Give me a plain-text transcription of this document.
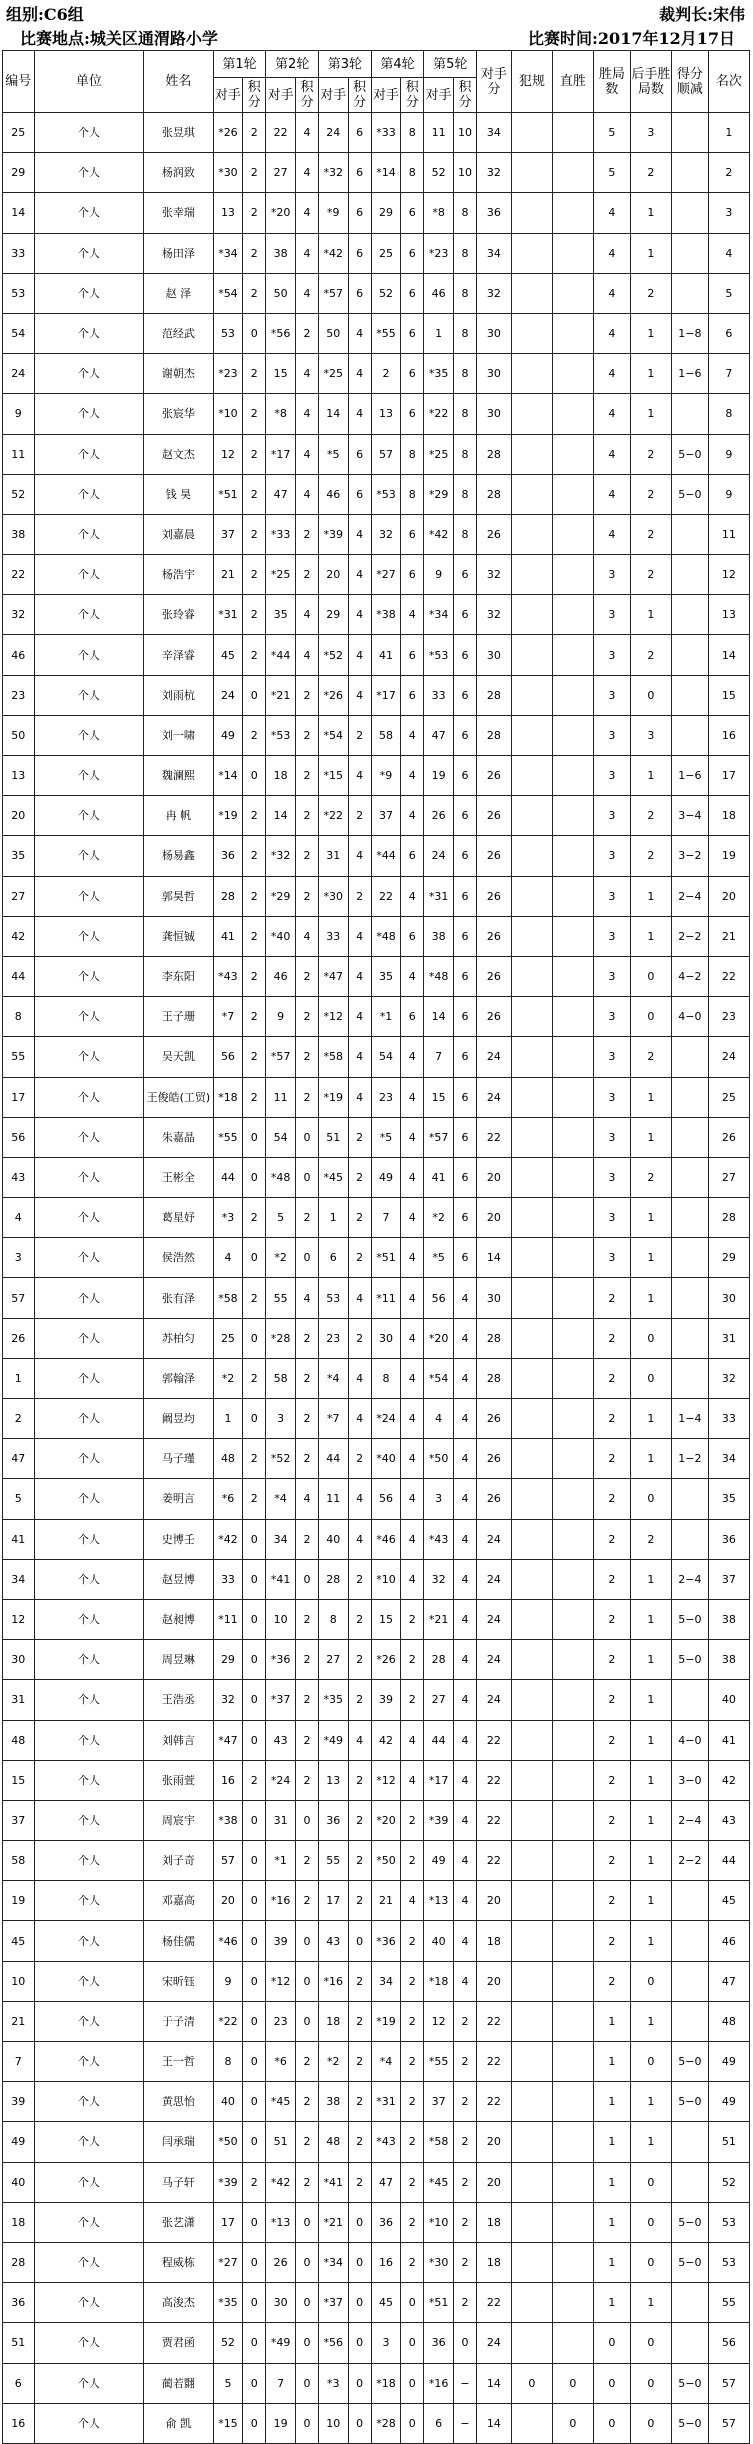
组别:C6组	裁判长:宋伟
比赛地点:城关区通渭路小学	比赛时间:2017年12月17日
编号	单位	姓名	第1轮		第2轮		第3轮		第4轮		第5轮		对手分	犯规	直胜	胜局数	后手胜局数	得分顺减	名次
			对手	积分	对手	积分	对手	积分	对手	积分	对手	积分							
25	个人	张昱琪	*26	2	22	4	24	6	*33	8	11	10	34			5	3		1
29	个人	杨润致	*30	2	27	4	*32	6	*14	8	52	10	32			5	2		2
14	个人	张幸瑞	13	2	*20	4	*9	6	29	6	*8	8	36			4	1		3
33	个人	杨田泽	*34	2	38	4	*42	6	25	6	*23	8	34			4	1		4
53	个人	赵 泽	*54	2	50	4	*57	6	52	6	46	8	32			4	2		5
54	个人	范经武	53	0	*56	2	50	4	*55	6	1	8	30			4	1	1−8	6
24	个人	谢朝杰	*23	2	15	4	*25	4	2	6	*35	8	30			4	1	1−6	7
9	个人	张宸华	*10	2	*8	4	14	4	13	6	*22	8	30			4	1		8
11	个人	赵文杰	12	2	*17	4	*5	6	57	8	*25	8	28			4	2	5−0	9
52	个人	钱 昊	*51	2	47	4	46	6	*53	8	*29	8	28			4	2	5−0	9
38	个人	刘嘉晨	37	2	*33	2	*39	4	32	6	*42	8	26			4	2		11
22	个人	杨浩宇	21	2	*25	2	20	4	*27	6	9	6	32			3	2		12
32	个人	张玲睿	*31	2	35	4	29	4	*38	4	*34	6	32			3	1		13
46	个人	辛泽睿	45	2	*44	4	*52	4	41	6	*53	6	30			3	2		14
23	个人	刘雨杭	24	0	*21	2	*26	4	*17	6	33	6	28			3	0		15
50	个人	刘一啸	49	2	*53	2	*54	2	58	4	47	6	28			3	3		16
13	个人	魏澜熙	*14	0	18	2	*15	4	*9	4	19	6	26			3	1	1−6	17
20	个人	冉 帆	*19	2	14	2	*22	2	37	4	26	6	26			3	2	3−4	18
35	个人	杨易鑫	36	2	*32	2	31	4	*44	6	24	6	26			3	2	3−2	19
27	个人	郭昊哲	28	2	*29	2	*30	2	22	4	*31	6	26			3	1	2−4	20
42	个人	龚恒铖	41	2	*40	4	33	4	*48	6	38	6	26			3	1	2−2	21
44	个人	李东阳	*43	2	46	2	*47	4	35	4	*48	6	26			3	0	4−2	22
8	个人	王子珊	*7	2	9	2	*12	4	*1	6	14	6	26			3	0	4−0	23
55	个人	吴天凯	56	2	*57	2	*58	4	54	4	7	6	24			3	2		24
17	个人	王俊皓(工贸)	*18	2	11	2	*19	4	23	4	15	6	24			3	1		25
56	个人	朱嘉晶	*55	0	54	0	51	2	*5	4	*57	6	22			3	1		26
43	个人	王彬全	44	0	*48	0	*45	2	49	4	41	6	20			3	2		27
4	个人	葛星妤	*3	2	5	2	1	2	7	4	*2	6	20			3	1		28
3	个人	侯浩然	4	0	*2	0	6	2	*51	4	*5	6	14			3	1		29
57	个人	张有泽	*58	2	55	4	53	4	*11	4	56	4	30			2	1		30
26	个人	苏柏匀	25	0	*28	2	23	2	30	4	*20	4	28			2	0		31
1	个人	郭翰泽	*2	2	58	2	*4	4	8	4	*54	4	28			2	0		32
2	个人	阚昱均	1	0	3	2	*7	4	*24	4	4	4	26			2	1	1−4	33
47	个人	马子瑾	48	2	*52	2	44	2	*40	4	*50	4	26			2	1	1−2	34
5	个人	姜明言	*6	2	*4	4	11	4	56	4	3	4	26			2	0		35
41	个人	史博壬	*42	0	34	2	40	4	*46	4	*43	4	24			2	2		36
34	个人	赵昱博	33	0	*41	0	28	2	*10	4	32	4	24			2	1	2−4	37
12	个人	赵昶博	*11	0	10	2	8	2	15	2	*21	4	24			2	1	5−0	38
30	个人	周昱琳	29	0	*36	2	27	2	*26	2	28	4	24			2	1	5−0	38
31	个人	王浩丞	32	0	*37	2	*35	2	39	2	27	4	24			2	1		40
48	个人	刘韩言	*47	0	43	2	*49	4	42	4	44	4	22			2	1	4−0	41
15	个人	张雨萱	16	2	*24	2	13	2	*12	4	*17	4	22			2	1	3−0	42
37	个人	周宸宇	*38	0	31	0	36	2	*20	2	*39	4	22			2	1	2−4	43
58	个人	刘子奇	57	0	*1	2	55	2	*50	2	49	4	22			2	1	2−2	44
19	个人	邓嘉高	20	0	*16	2	17	2	21	4	*13	4	20			2	1		45
45	个人	杨佳儒	*46	0	39	0	43	0	*36	2	40	4	18			2	1		46
10	个人	宋昕钰	9	0	*12	0	*16	2	34	2	*18	4	20			2	0		47
21	个人	于子清	*22	0	23	0	18	2	*19	2	12	2	22			1	1		48
7	个人	王一哲	8	0	*6	2	*2	2	*4	2	*55	2	22			1	0	5−0	49
39	个人	黄思怡	40	0	*45	2	38	2	*31	2	37	2	22			1	1	5−0	49
49	个人	闫承瑞	*50	0	51	2	48	2	*43	2	*58	2	20			1	1		51
40	个人	马子轩	*39	2	*42	2	*41	2	47	2	*45	2	20			1	0		52
18	个人	张艺潇	17	0	*13	0	*21	0	36	2	*10	2	18			1	0	5−0	53
28	个人	程威栋	*27	0	26	0	*34	0	16	2	*30	2	18			1	0	5−0	53
36	个人	高浚杰	*35	0	30	0	*37	0	45	0	*51	2	22			1	1		55
51	个人	贾君函	52	0	*49	0	*56	0	3	0	36	0	24			0	0		56
6	个人	蔺若翾	5	0	7	0	*3	0	*18	0	*16	−	14	0	0	0	0	5−0	57
16	个人	俞 凯	*15	0	19	0	10	0	*28	0	6	−	14		0	0	0	5−0	57
